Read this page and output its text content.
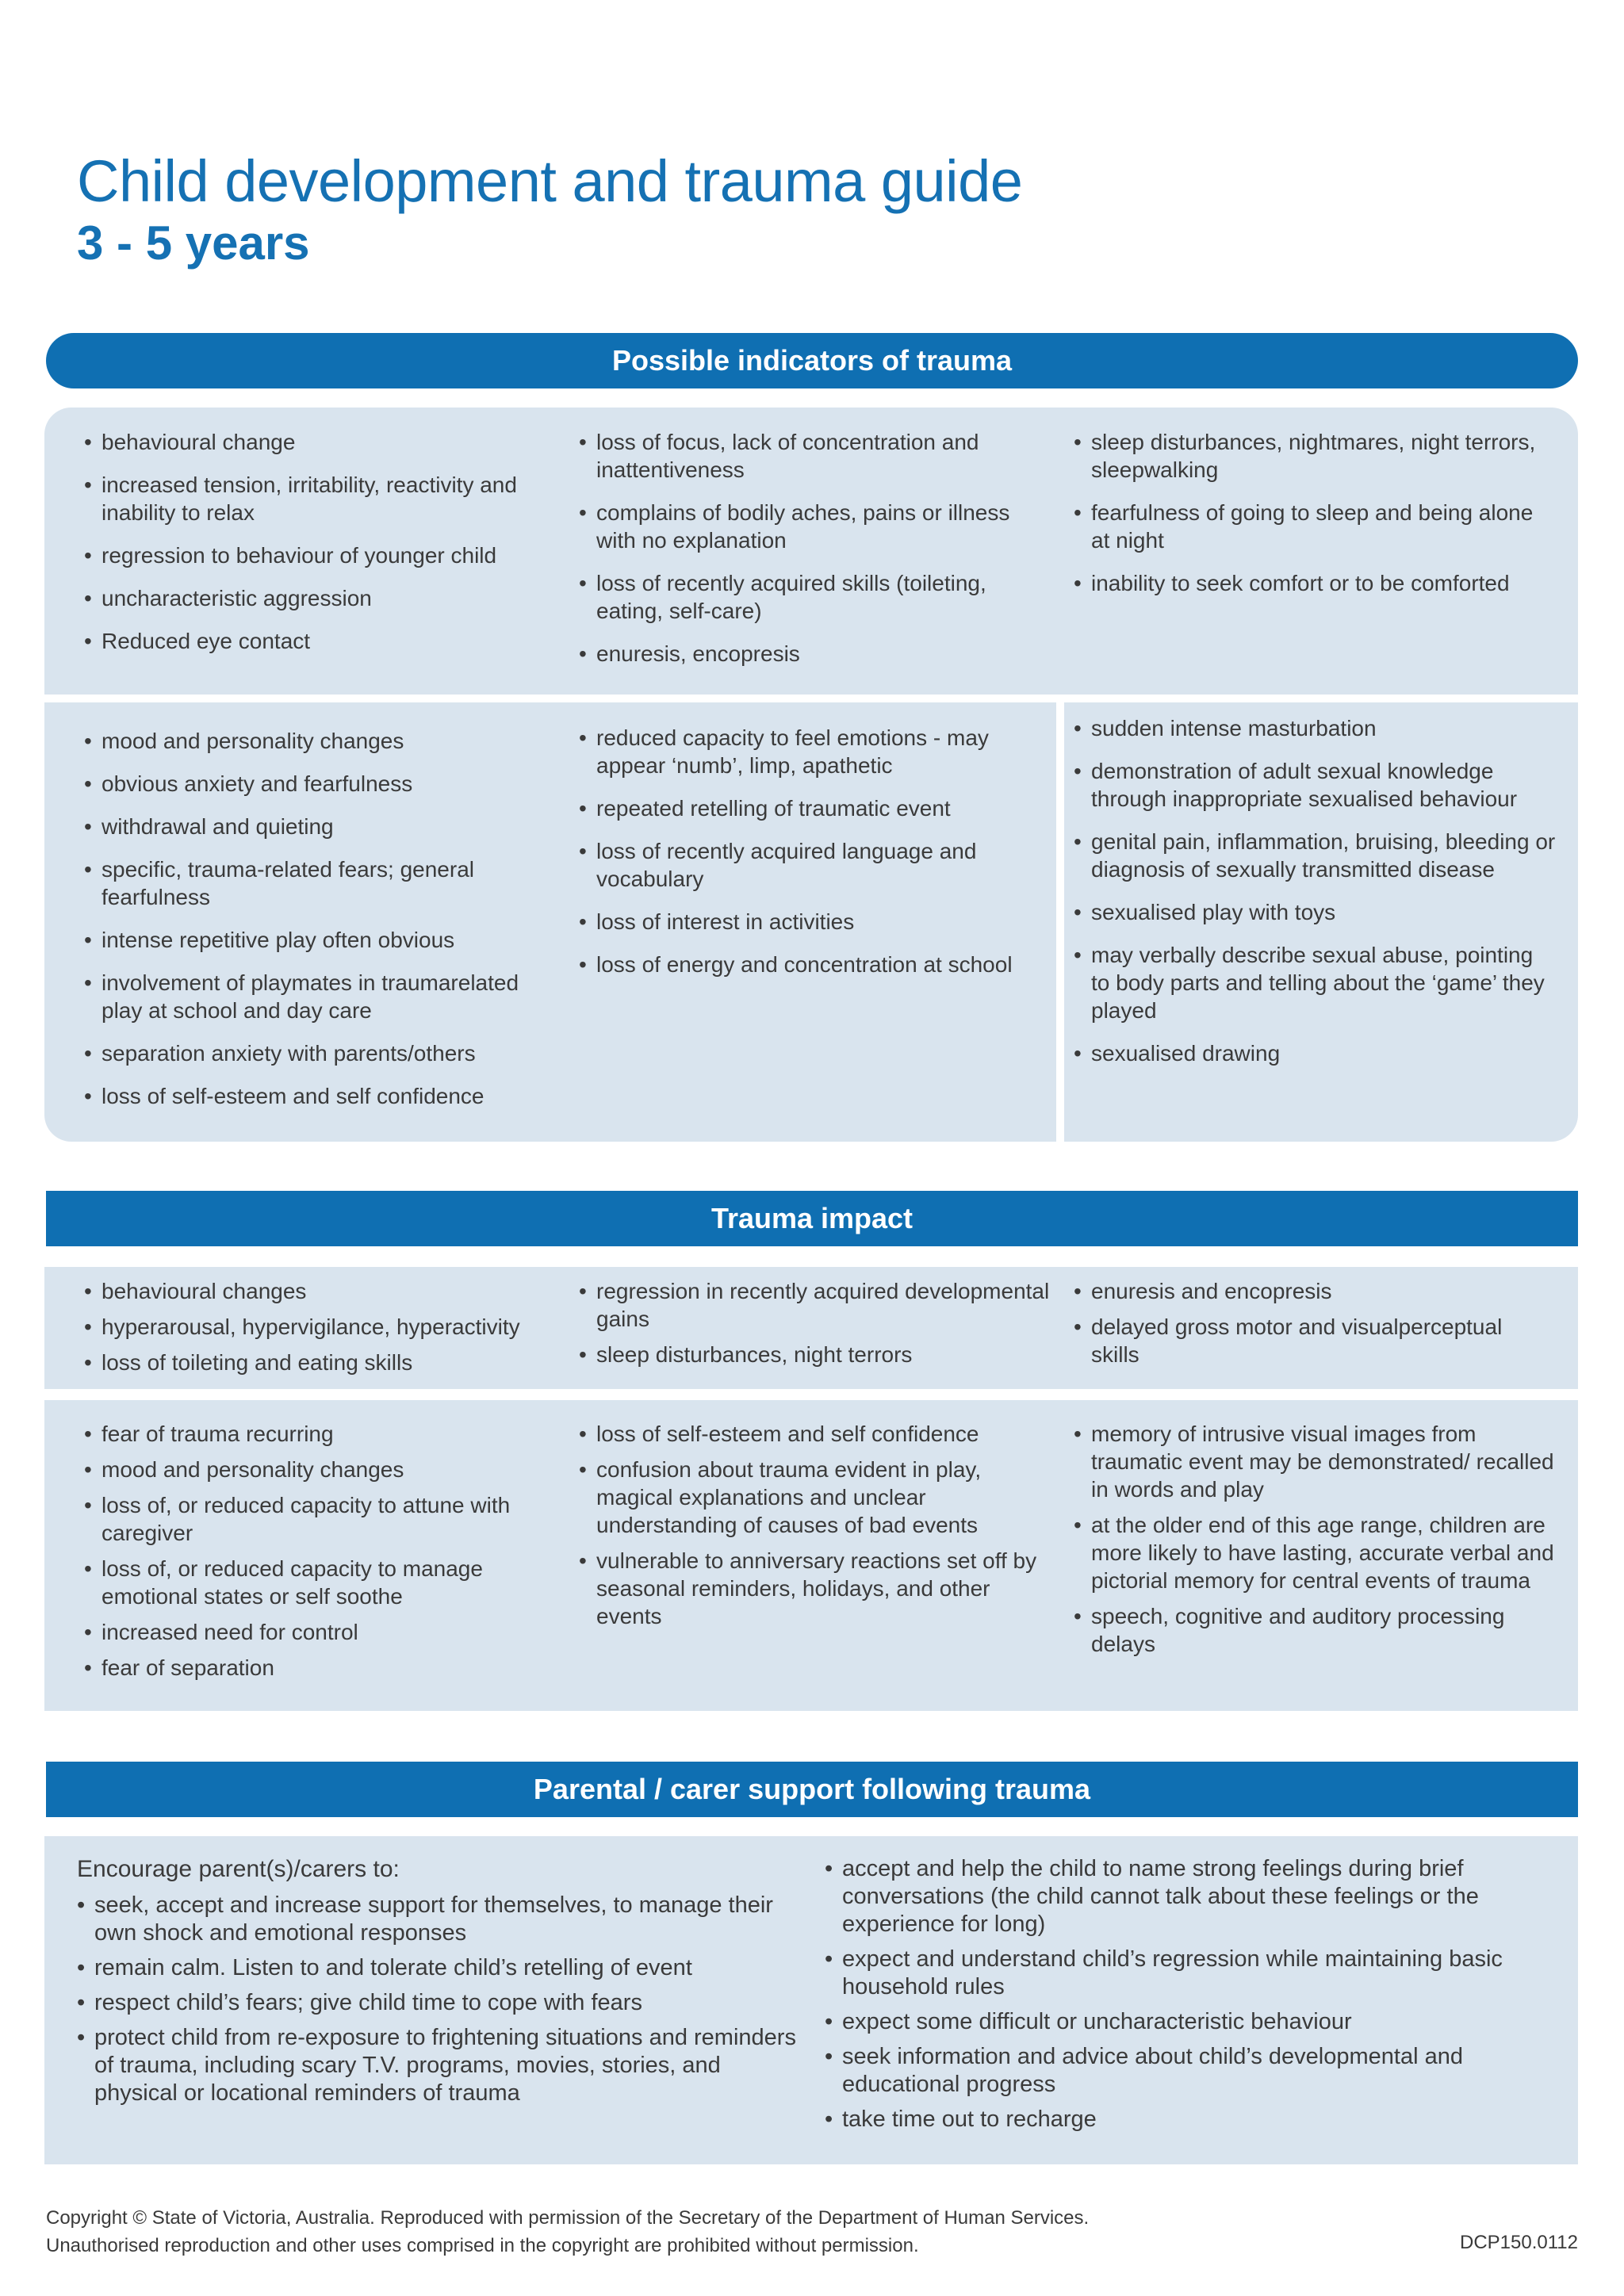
Child development and trauma guide
3 - 5 years
Possible indicators of trauma
• behavioural change
• increased tension, irritability, reactivity and inability to relax
• regression to behaviour of younger child
• uncharacteristic aggression
• Reduced eye contact
• loss of focus, lack of concentration and inattentiveness
• complains of bodily aches, pains or illness with no explanation
• loss of recently acquired skills (toileting, eating, self-care)
• enuresis, encopresis
• sleep disturbances, nightmares, night terrors, sleepwalking
• fearfulness of going to sleep and being alone at night
• inability to seek comfort or to be comforted
• mood and personality changes
• obvious anxiety and fearfulness
• withdrawal and quieting
• specific, trauma-related fears; general fearfulness
• intense repetitive play often obvious
• involvement of playmates in traumarelated play at school and day care
• separation anxiety with parents/others
• loss of self-esteem and self confidence
• reduced capacity to feel emotions - may appear ‘numb’, limp, apathetic
• repeated retelling of traumatic event
• loss of recently acquired language and vocabulary
• loss of interest in activities
• loss of energy and concentration at school
• sudden intense masturbation
• demonstration of adult sexual knowledge through inappropriate sexualised behaviour
• genital pain, inflammation, bruising, bleeding or diagnosis of sexually transmitted disease
• sexualised play with toys
• may verbally describe sexual abuse, pointing to body parts and telling about the ‘game’ they played
• sexualised drawing
Trauma impact
• behavioural changes
• hyperarousal, hypervigilance, hyperactivity
• loss of toileting and eating skills
• regression in recently acquired developmental gains
• sleep disturbances, night terrors
• enuresis and encopresis
• delayed gross motor and visualperceptual skills
• fear of trauma recurring
• mood and personality changes
• loss of, or reduced capacity to attune with caregiver
• loss of, or reduced capacity to manage emotional states or self soothe
• increased need for control
• fear of separation
• loss of self-esteem and self confidence
• confusion about trauma evident in play, magical explanations and unclear understanding of causes of bad events
• vulnerable to anniversary reactions set off by seasonal reminders, holidays, and other events
• memory of intrusive visual images from traumatic event may be demonstrated/ recalled in words and play
• at the older end of this age range, children are more likely to have lasting, accurate verbal and pictorial memory for central events of trauma
• speech, cognitive and auditory processing delays
Parental / carer support following trauma
Encourage parent(s)/carers to:
• seek, accept and increase support for themselves, to manage their own shock and emotional responses
• remain calm. Listen to and tolerate child’s retelling of event
• respect child’s fears; give child time to cope with fears
• protect child from re-exposure to frightening situations and reminders of trauma, including scary T.V. programs, movies, stories, and physical or locational reminders of trauma
• accept and help the child to name strong feelings during brief conversations (the child cannot talk about these feelings or the experience for long)
• expect and understand child’s regression while maintaining basic household rules
• expect some difficult or uncharacteristic behaviour
• seek information and advice about child’s developmental and educational progress
• take time out to recharge
Copyright © State of Victoria, Australia. Reproduced with permission of the Secretary of the Department of Human Services.
Unauthorised reproduction and other uses comprised in the copyright are prohibited without permission.	DCP150.0112
